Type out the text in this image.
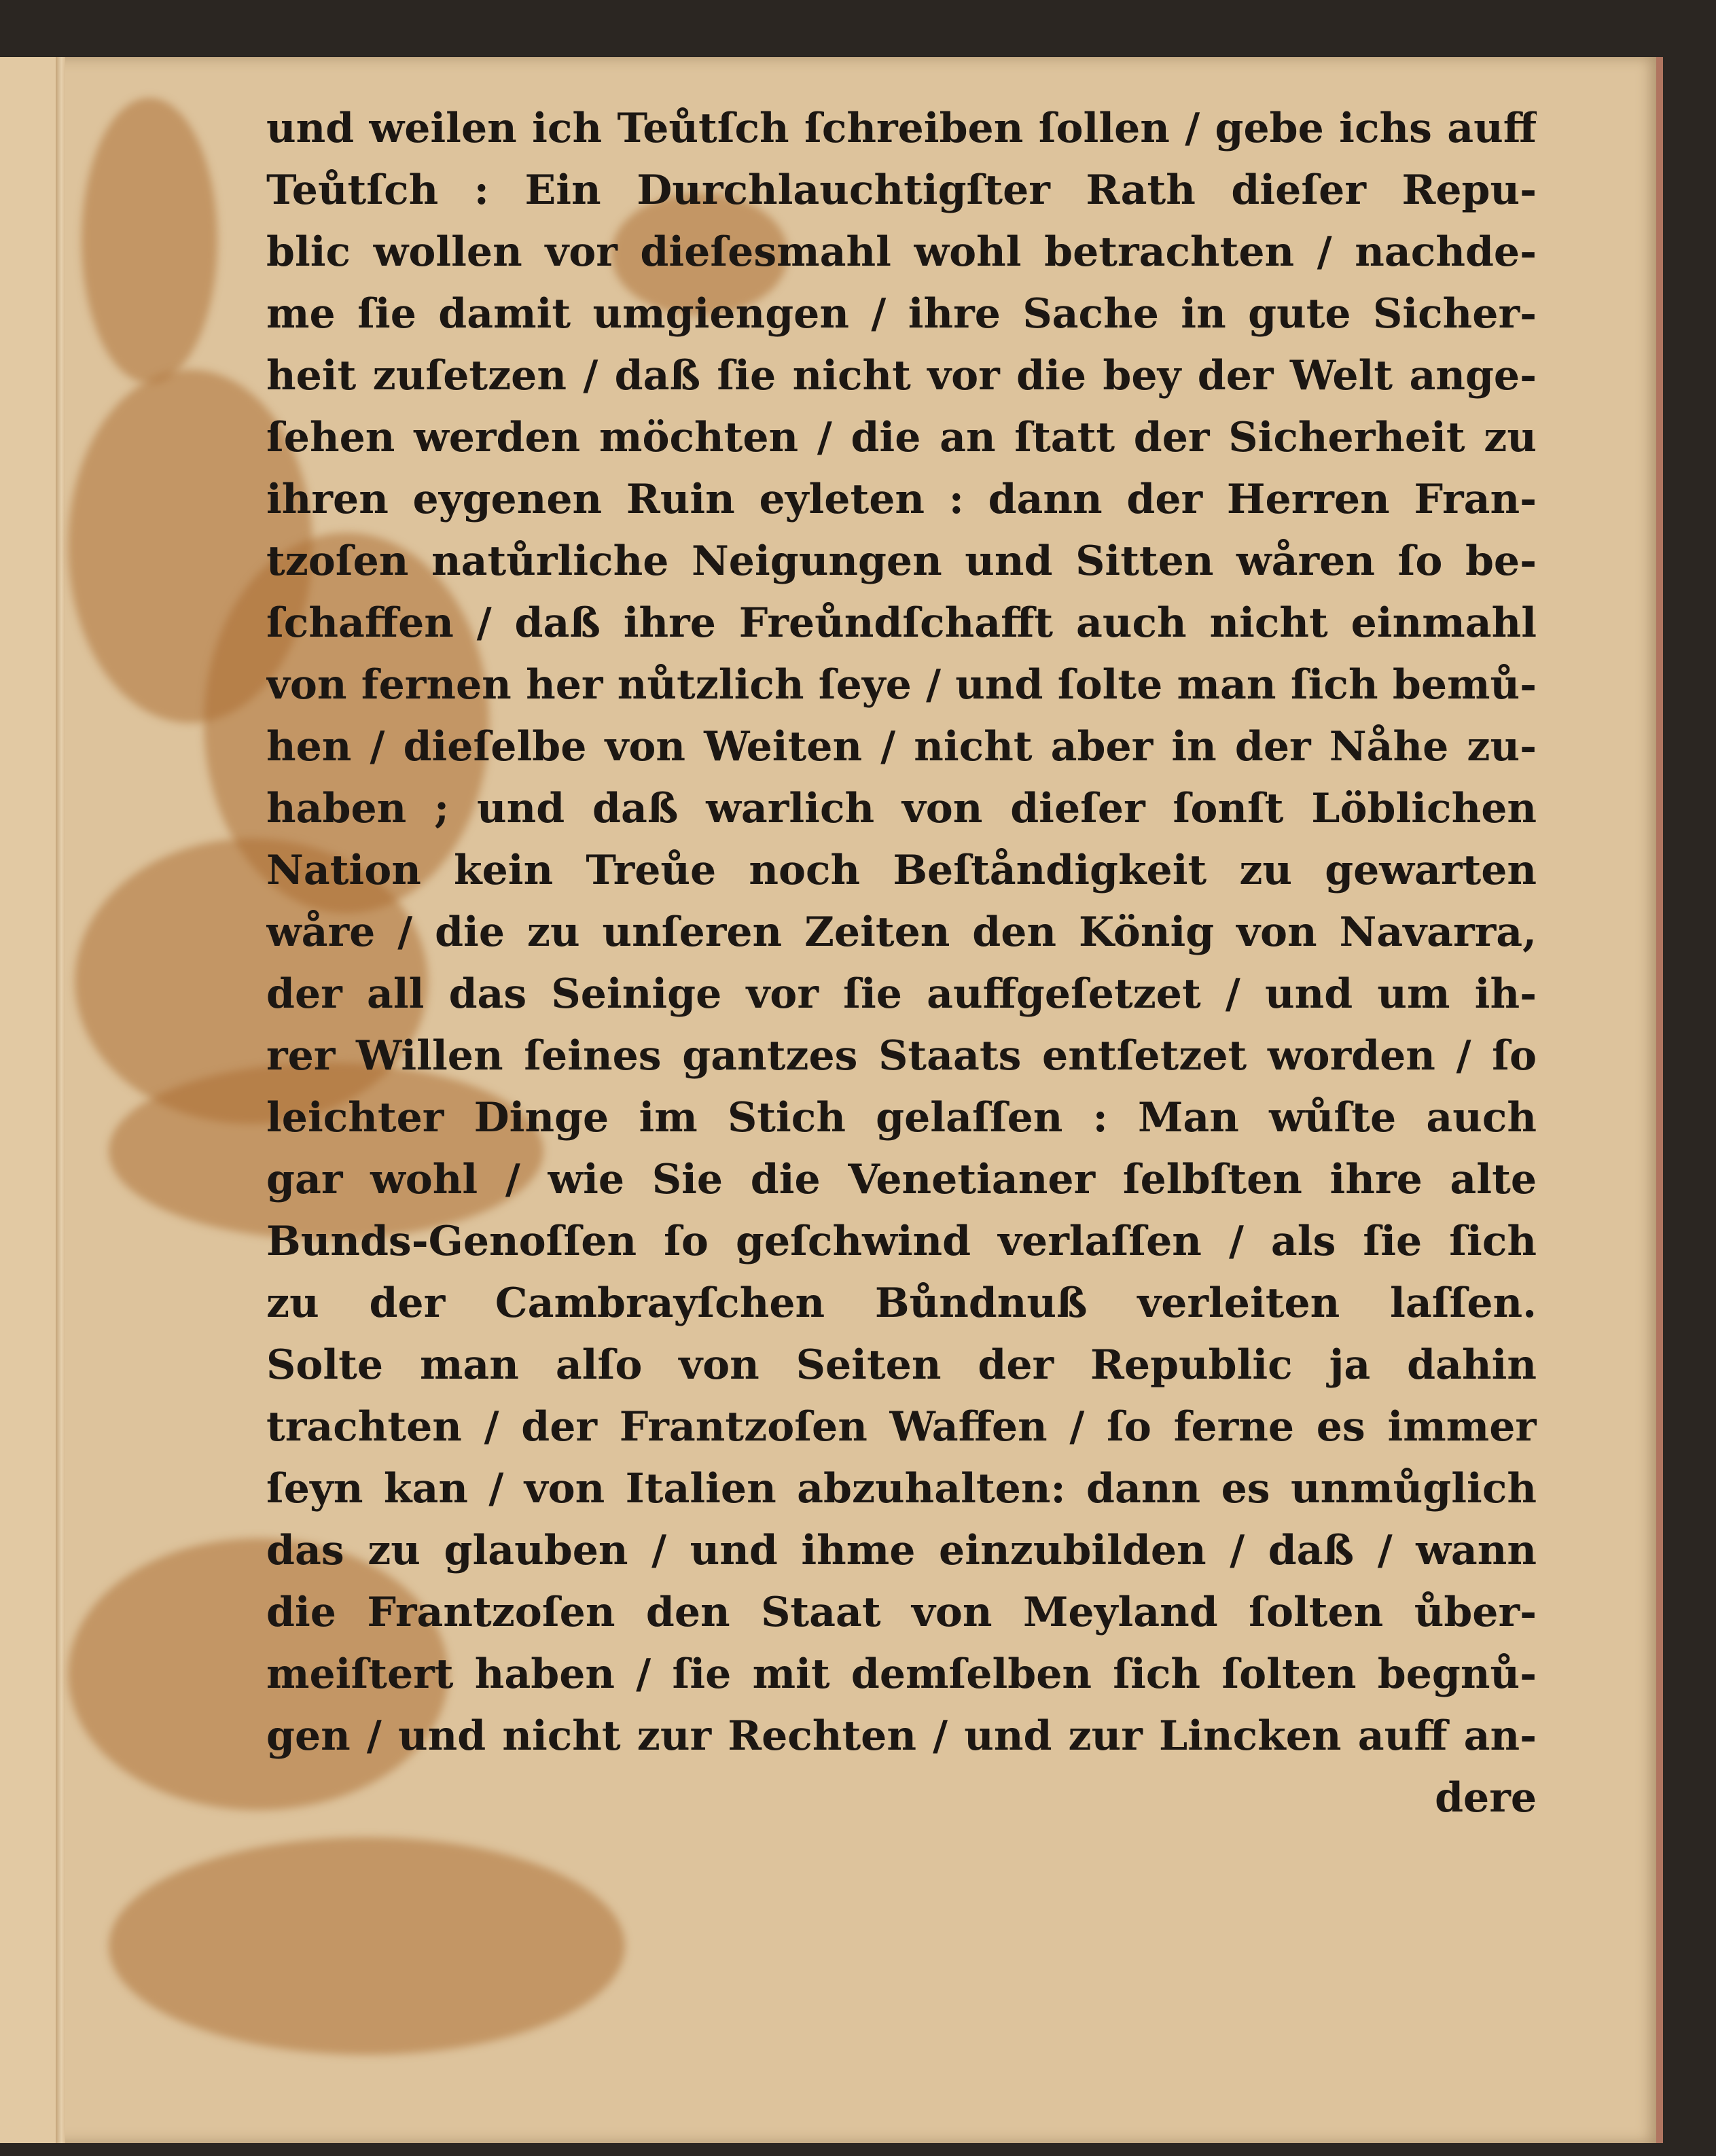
und weilen ich Teůtſch ſchreiben ſollen / gebe ichs auff
Teůtſch : Ein Durchlauchtigſter Rath dieſer Repu-
blic wollen vor dieſesmahl wohl betrachten / nachde-
me ſie damit umgiengen / ihre Sache in gute Sicher-
heit zuſetzen / daß ſie nicht vor die bey der Welt ange-
ſehen werden möchten / die an ſtatt der Sicherheit zu
ihren eygenen Ruin eyleten : dann der Herren Fran-
tzoſen natůrliche Neigungen und Sitten wåren ſo be-
ſchaffen / daß ihre Freůndſchafft auch nicht einmahl
von fernen her nůtzlich ſeye / und ſolte man ſich bemů-
hen / dieſelbe von Weiten / nicht aber in der Nåhe zu-
haben ; und daß warlich von dieſer ſonſt Löblichen
Nation kein Treůe noch Beſtåndigkeit zu gewarten
wåre / die zu unſeren Zeiten den König von Navarra,
der all das Seinige vor ſie auffgeſetzet / und um ih-
rer Willen ſeines gantzes Staats entſetzet worden / ſo
leichter Dinge im Stich gelaſſen : Man wůſte auch
gar wohl / wie Sie die Venetianer ſelbſten ihre alte
Bunds-Genoſſen ſo geſchwind verlaſſen / als ſie ſich
zu der Cambrayſchen Bůndnuß verleiten laſſen.
Solte man alſo von Seiten der Republic ja dahin
trachten / der Frantzoſen Waffen / ſo ferne es immer
ſeyn kan / von Italien abzuhalten: dann es unmůglich
das zu glauben / und ihme einzubilden / daß / wann
die Frantzoſen den Staat von Meyland ſolten ůber-
meiſtert haben / ſie mit demſelben ſich ſolten begnů-
gen / und nicht zur Rechten / und zur Lincken auff an-
dere
